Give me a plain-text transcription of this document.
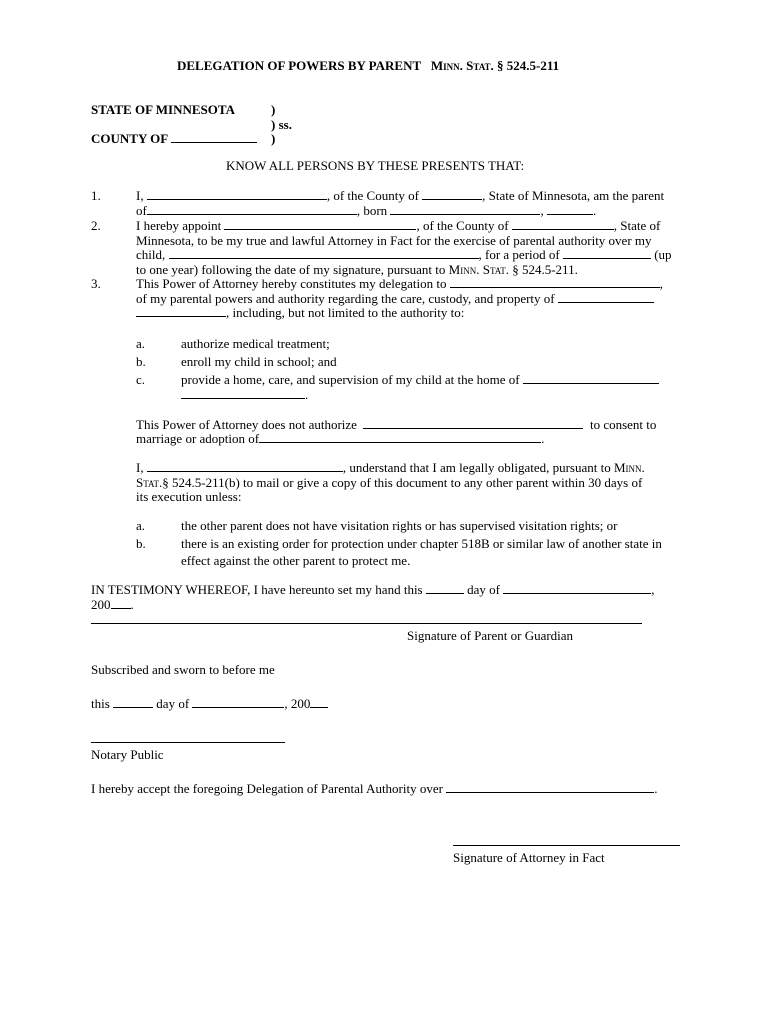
DELEGATION OF POWERS BY PARENT Minn. Stat. § 524.5-211
STATE OF MINNESOTA	)
) ss.
COUNTY OF	)
KNOW ALL PERSONS BY THESE PRESENTS THAT:
1.	I,	, of the County of	, State of Minnesota, am the parent
of	, born	,	.
2.	I hereby appoint	, of the County of	, State of
Minnesota, to be my true and lawful Attorney in Fact for the exercise of parental authority over my
child,	, for a period of	(up
to one year) following the date of my signature, pursuant to Minn. Stat. § 524.5-211.
3.	This Power of Attorney hereby constitutes my delegation to	,
of my parental powers and authority regarding the care, custody, and property of
, including, but not limited to the authority to:
a.	authorize medical treatment;
b.	enroll my child in school; and
c.	provide a home, care, and supervision of my child at the home of
.
This Power of Attorney does not authorize	to consent to
marriage or adoption of	.
I,	, understand that I am legally obligated, pursuant to Minn.
Stat.§ 524.5-211(b) to mail or give a copy of this document to any other parent within 30 days of
its execution unless:
a.	the other parent does not have visitation rights or has supervised visitation rights; or
b.	there is an existing order for protection under chapter 518B or similar law of another state in
effect against the other parent to protect me.
IN TESTIMONY WHEREOF, I have hereunto set my hand this	day of	,
200 .
Signature of Parent or Guardian
Subscribed and sworn to before me
this	day of	, 200
Notary Public
I hereby accept the foregoing Delegation of Parental Authority over	.
Signature of Attorney in Fact
